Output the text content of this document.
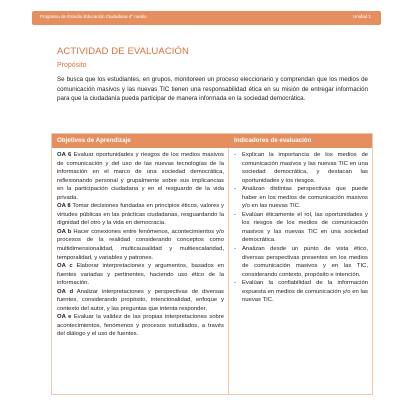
Programa de Estudio Educación Ciudadana 4° medio	Unidad 1
ACTIVIDAD DE EVALUACIÓN
Propósito

Se busca que los estudiantes, en grupos, monitoreen un proceso eleccionario y comprendan que los medios de comunicación masivos y las nuevas TIC tienen una responsabilidad ética en su misión de entregar información para que la ciudadanía pueda participar de manera informada en la sociedad democrática.

Objetivos de Aprendizaje	Indicadores de evaluación

OA 6 Evaluar oportunidades y riesgos de los medios masivos de comunicación y del uso de las nuevas tecnologías de la información en el marco de una sociedad democrática, reflexionando personal y grupalmente sobre sus implicancias en la participación ciudadana y en el resguardo de la vida privada.

OA 8 Tomar decisiones fundadas en principios éticos, valores y virtudes públicas en las prácticas ciudadanas, resguardando la dignidad del otro y la vida en democracia.

OA b Hacer conexiones entre fenómenos, acontecimientos y/o procesos de la realidad considerando conceptos como multidimensionalidad, multicausalidad y multiescalaridad, temporalidad, y variables y patrones.

OA c Elaborar interpretaciones y argumentos, basados en fuentes variadas y pertinentes, haciendo uso ético de la información.

OA d Analizar interpretaciones y perspectivas de diversas fuentes, considerando propósito, intencionalidad, enfoque y contexto del autor, y las preguntas que intenta responder.

OA e Evaluar la validez de las propias interpretaciones sobre acontecimientos, fenómenos y procesos estudiados, a través del diálogo y el uso de fuentes.

- Explican la importancia de los medios de comunicación masivos y las nuevas TIC en una sociedad democrática, y destacan las oportunidades y los riesgos.

- Analizan distintas perspectivas que puede haber en los medios de comunicación masivos y/o en las nuevas TIC.

- Evalúan éticamente el rol, las oportunidades y los riesgos de los medios de comunicación masivos y las nuevas TIC en una sociedad democrática.

- Analizan desde un punto de vista ético, diversas perspectivas presentes en los medios de comunicación masivos y en las TIC, considerando contexto, propósito e intención.

- Evalúan la confiabilidad de la información expuesta en medios de comunicación y/o en las nuevas TIC.
